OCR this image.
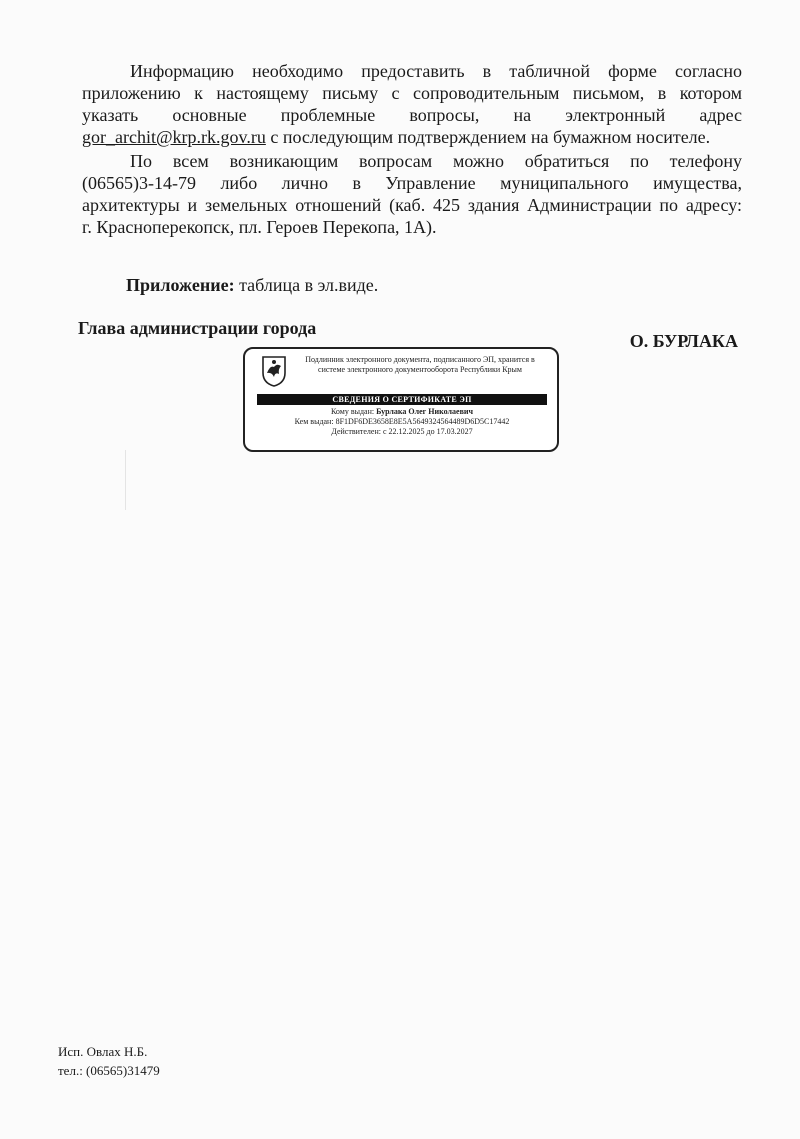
Информацию необходимо предоставить в табличной форме согласно
приложению к настоящему письму с сопроводительным письмом, в котором
указать основные проблемные вопросы, на электронный адрес
gor_archit@krp.rk.gov.ru с последующим подтверждением на бумажном носителе.
По всем возникающим вопросам можно обратиться по телефону
(06565)3-14-79 либо лично в Управление муниципального имущества,
архитектуры и земельных отношений (каб. 425 здания Администрации по адресу:
г. Красноперекопск, пл. Героев Перекопа, 1А).
Приложение: таблица в эл.виде.
Глава администрации города
О. БУРЛАКА
Подлинник электронного документа, подписанного ЭП, хранится в системе электронного документооборота Республики Крым
СВЕДЕНИЯ О СЕРТИФИКАТЕ ЭП
Кому выдан: Бурлака Олег Николаевич
Кем выдан: 8F1DF6DE3658E8E5A5649324564489D6D5C17442
Действителен: с 22.12.2025 до 17.03.2027
Исп. Овлах Н.Б.
тел.: (06565)31479
